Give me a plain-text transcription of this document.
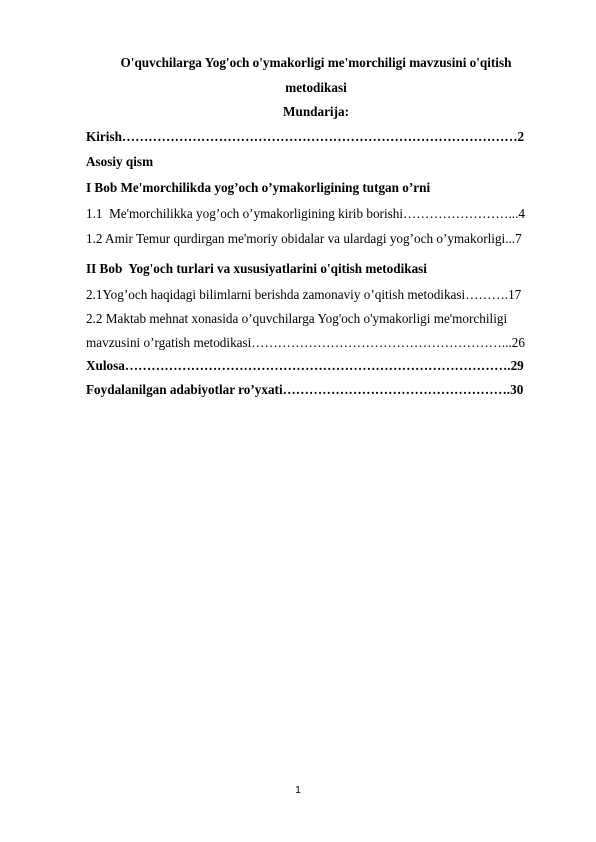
O'quvchilarga Yog'och o'ymakorligi me'morchiligi mavzusini o'qitish
metodikasi
Mundarija:
Kirish………………………………………………………………………………2
Asosiy qism
I Bob Me'morchilikda yog’och o’ymakorligining tutgan o’rni
1.1  Me'morchilikka yog’och o’ymakorligining kirib borishi……………………...4
1.2 Amir Temur qurdirgan me'moriy obidalar va ulardagi yog’och o’ymakorligi...7
II Bob  Yog'och turlari va xususiyatlarini o'qitish metodikasi
2.1Yog’och haqidagi bilimlarni berishda zamonaviy o’qitish metodikasi……….17
2.2 Maktab mehnat xonasida o’quvchilarga Yog'och o'ymakorligi me'morchiligi
mavzusini o’rgatish metodikasi…………………………………………………...26
Xulosa…………………………………………………………………………….29
Foydalanilgan adabiyotlar ro’yxati…………………………………………….30
1
